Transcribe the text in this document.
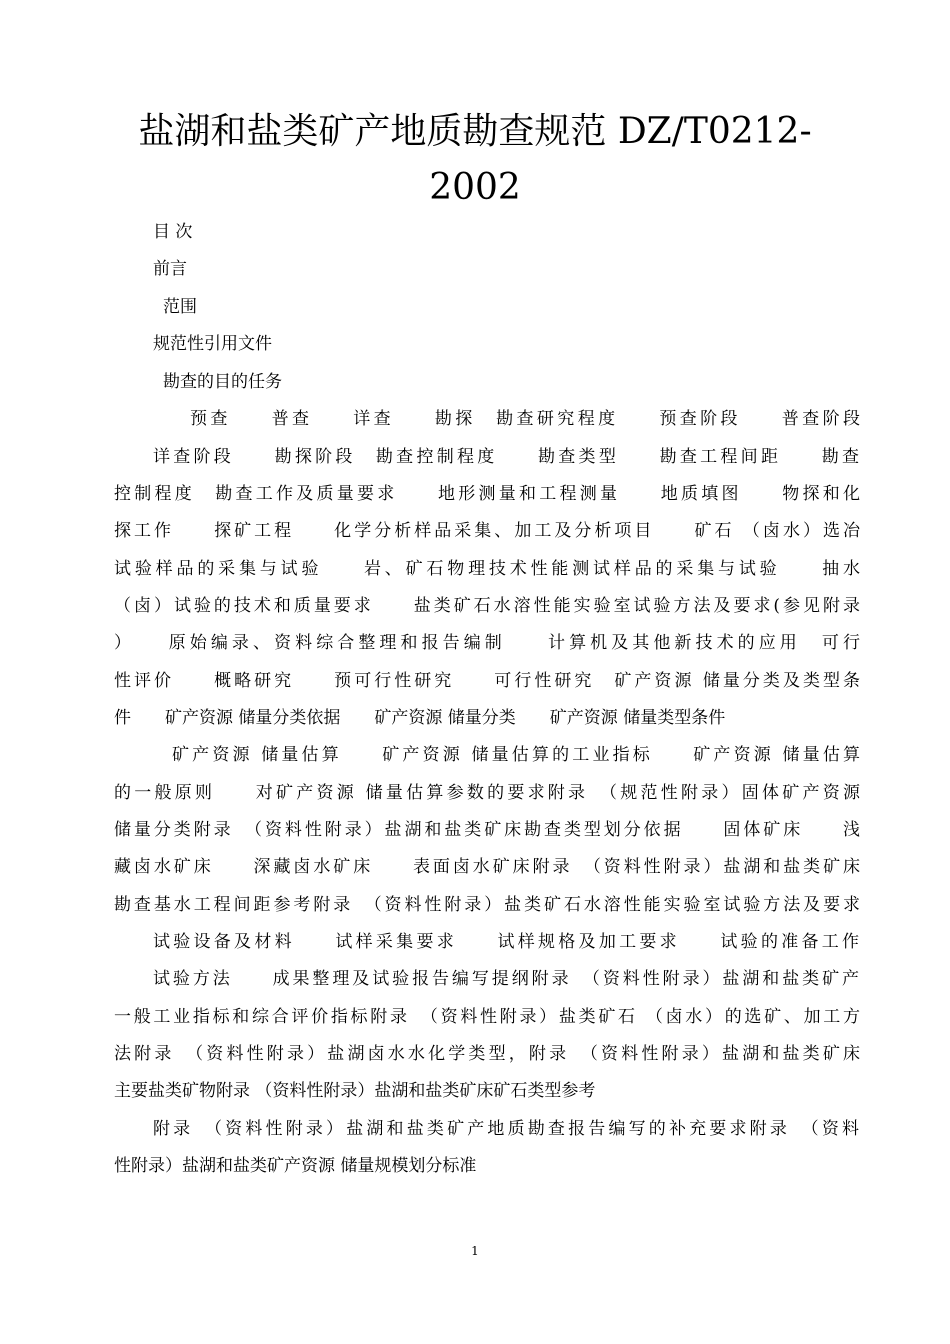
盐湖和盐类矿产地质勘查规范 DZ/T0212-
2002

目 次

前言

范围

规范性引用文件

勘查的目的任务

预查　　普查　　详查　　勘探　勘查研究程度　　预查阶段　　普查阶段

详查阶段　　勘探阶段　勘查控制程度　　勘查类型　　勘查工程间距　　勘查

控制程度　勘查工作及质量要求　　地形测量和工程测量　　地质填图　　物探和化

探工作　　探矿工程　　化学分析样品采集、加工及分析项目　　矿石 （卤水）选冶

试验样品的采集与试验　　岩、矿石物理技术性能测试样品的采集与试验　　抽水

（卤）试验的技术和质量要求　　盐类矿石水溶性能实验室试验方法及要求(参见附录

）　　原始编录、资料综合整理和报告编制　　计算机及其他新技术的应用　可行

性评价　　概略研究　　预可行性研究　　可行性研究　矿产资源 储量分类及类型条

件　　矿产资源 储量分类依据　　矿产资源 储量分类　　矿产资源 储量类型条件

矿产资源 储量估算　　矿产资源 储量估算的工业指标　　矿产资源 储量估算

的一般原则　　对矿产资源 储量估算参数的要求附录　（规范性附录）固体矿产资源

储量分类附录　（资料性附录）盐湖和盐类矿床勘查类型划分依据　　固体矿床　　浅

藏卤水矿床　　深藏卤水矿床　　表面卤水矿床附录　（资料性附录）盐湖和盐类矿床

勘查基水工程间距参考附录　（资料性附录）盐类矿石水溶性能实验室试验方法及要求

试验设备及材料　　试样采集要求　　试样规格及加工要求　　试验的准备工作

试验方法　　成果整理及试验报告编写提纲附录　（资料性附录）盐湖和盐类矿产

一般工业指标和综合评价指标附录　（资料性附录）盐类矿石 （卤水）的选矿、加工方

法附录　（资料性附录）盐湖卤水水化学类型，附录　（资料性附录）盐湖和盐类矿床

主要盐类矿物附录 （资料性附录）盐湖和盐类矿床矿石类型参考

附录　（资料性附录）盐湖和盐类矿产地质勘查报告编写的补充要求附录　（资料

性附录）盐湖和盐类矿产资源 储量规模划分标准

1
